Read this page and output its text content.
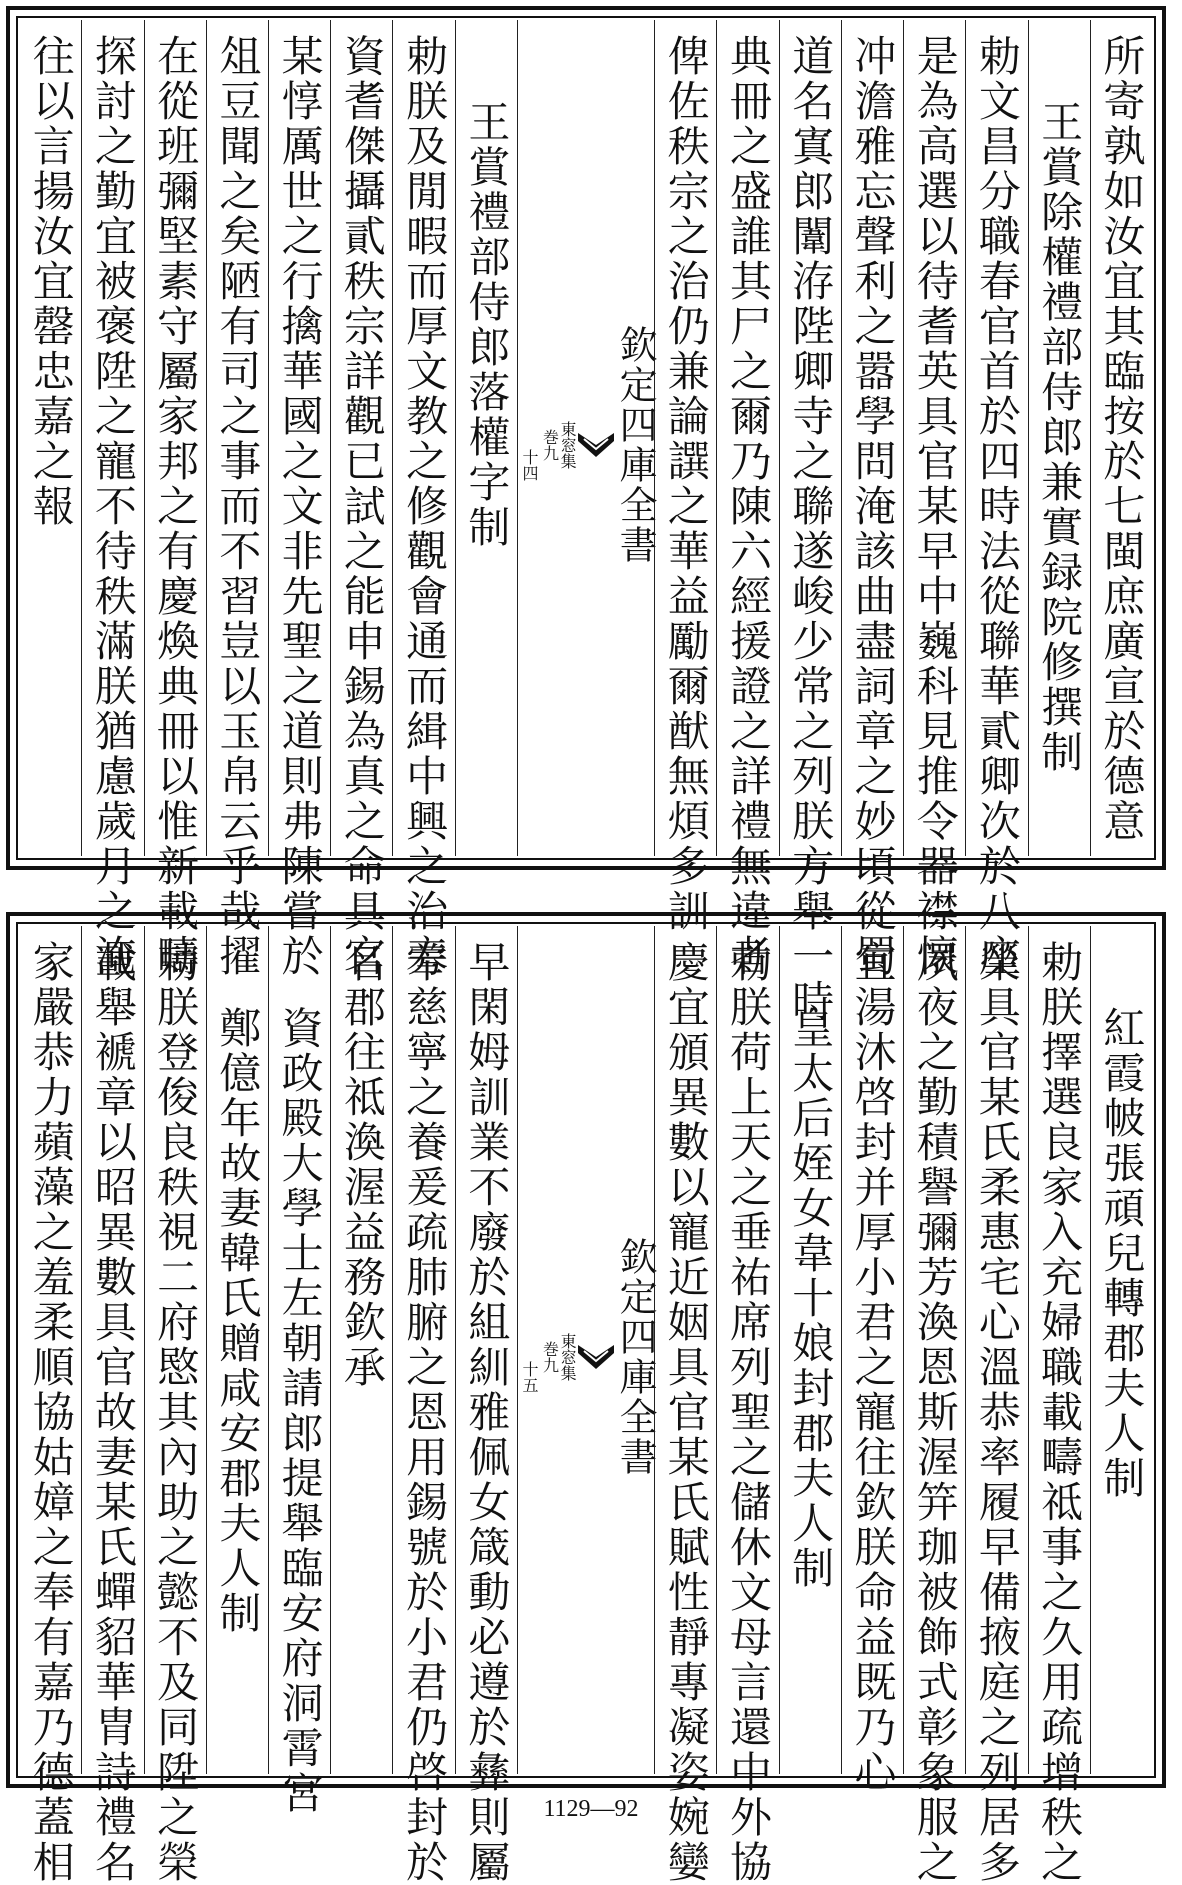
所寄孰如汝宜其臨按於七閩庶廣宣於德意
王賞除權禮部侍郎兼實録院修撰制
勅文昌分職春官首於四時法從聯華貳卿次於八座
是為高選以待耆英具官某早中巍科見推令器襟懐
冲澹雅忘聲利之嚣學問淹該曲盡詞章之妙頃從蜀
道名寘郎闈洊陛卿寺之聯遂峻少常之列朕方舉一時
典冊之盛誰其尸之爾乃陳六經援證之詳禮無違者
俾佐秩宗之治仍兼論譔之華益勵爾猷無煩多訓
欽定四庫全書
東窓集
巻九
十四
王賞禮部侍郎落權字制
勅朕及閒暇而厚文教之修觀會通而緝中興之治旁
資耆傑攝貳秩宗詳觀已試之能申錫為真之命具官
某惇厲世之行擒華國之文非先聖之道則弗陳嘗於
俎豆聞之矣陋有司之事而不習豈以玉帛云乎哉擢
在從班彌堅素守屬家邦之有慶煥典冊以惟新載疇
探討之勤宜被褒陞之寵不待秩滿朕猶慮歲月之淹
往以言揚汝宜罄忠嘉之報
紅霞帔張頑兒轉郡夫人制
勅朕擇選良家入充婦職載疇祗事之久用疏增秩之
榮具官某氏柔惠宅心溫恭率履早備掖庭之列居多
夙夜之勤積譽彌芳渙恩斯渥笄珈被飾式彰象服之
宜湯沐啓封并厚小君之寵往欽朕命益既乃心
皇太后姪女韋十娘封郡夫人制
勅朕荷上天之垂祐席列聖之儲休文母言還中外協
慶宜頒異數以寵近姻具官某氏賦性靜專凝姿婉孌
欽定四庫全書
東窓集
巻九
十五
早閑姆訓業不廢於組紃雅佩女箴動必遵於彝則屬
奉慈寧之養爰疏肺腑之恩用錫號於小君仍啓封於
名郡往祗渙渥益務欽承
資政殿大學士左朝請郎提舉臨安府洞霄宮
鄭億年故妻韓氏贈咸安郡夫人制
勅朕登俊良秩視二府愍其內助之懿不及同陞之榮
載舉褫章以昭異數具官故妻某氏蟬貂華胄詩禮名
家嚴恭力蘋藻之羞柔順協姑嫜之奉有嘉乃德蓋相	1129—92
